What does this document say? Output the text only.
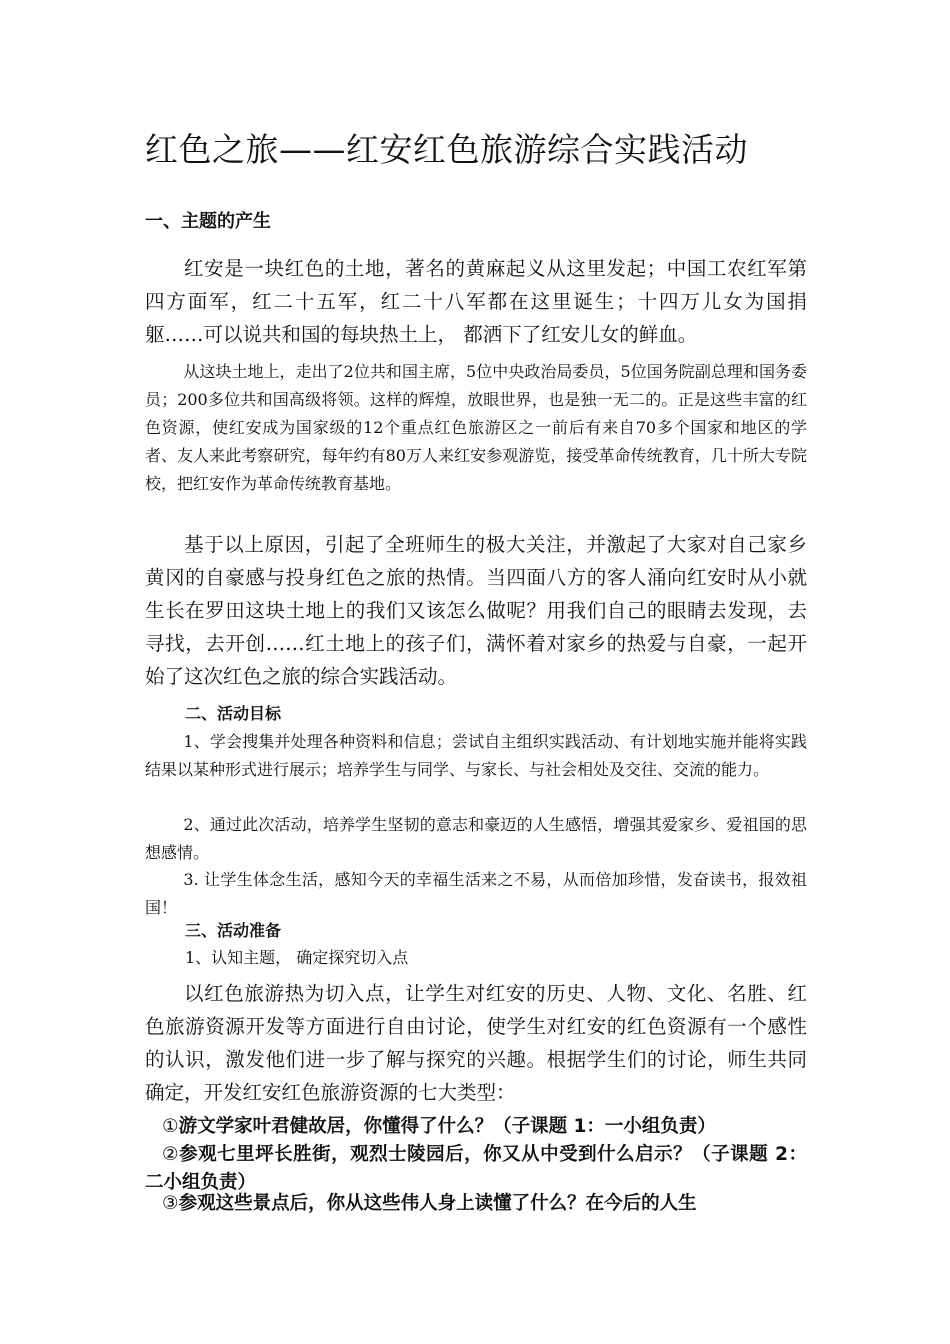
红色之旅——红安红色旅游综合实践活动
一、主题的产生

红安是一块红色的土地，著名的黄麻起义从这里发起；中国工农红军第四方面军，红二十五军，红二十八军都在这里诞生；十四万儿女为国捐躯……可以说共和国的每块热土上， 都洒下了红安儿女的鲜血。

从这块土地上，走出了2位共和国主席，5位中央政治局委员，5位国务院副总理和国务委员；200多位共和国高级将领。这样的辉煌，放眼世界，也是独一无二的。正是这些丰富的红色资源，使红安成为国家级的12个重点红色旅游区之一前后有来自70多个国家和地区的学者、友人来此考察研究，每年约有80万人来红安参观游览，接受革命传统教育，几十所大专院校，把红安作为革命传统教育基地。

基于以上原因，引起了全班师生的极大关注，并激起了大家对自己家乡黄冈的自豪感与投身红色之旅的热情。当四面八方的客人涌向红安时从小就生长在罗田这块土地上的我们又该怎么做呢？用我们自己的眼睛去发现，去寻找，去开创……红土地上的孩子们，满怀着对家乡的热爱与自豪，一起开始了这次红色之旅的综合实践活动。

二、活动目标

1、学会搜集并处理各种资料和信息；尝试自主组织实践活动、有计划地实施并能将实践结果以某种形式进行展示；培养学生与同学、与家长、与社会相处及交往、交流的能力。

2、通过此次活动，培养学生坚韧的意志和豪迈的人生感悟，增强其爱家乡、爱祖国的思想感情。

3. 让学生体念生活，感知今天的幸福生活来之不易，从而倍加珍惜，发奋读书，报效祖国！

三、活动准备
1、认知主题， 确定探究切入点

以红色旅游热为切入点，让学生对红安的历史、人物、文化、名胜、红色旅游资源开发等方面进行自由讨论，使学生对红安的红色资源有一个感性的认识，激发他们进一步了解与探究的兴趣。根据学生们的讨论，师生共同确定，开发红安红色旅游资源的七大类型：

①游文学家叶君健故居，你懂得了什么？（子课题 1：一小组负责）

②参观七里坪长胜街，观烈士陵园后，你又从中受到什么启示？（子课题 2：二小组负责）

③参观这些景点后，你从这些伟人身上读懂了什么？在今后的人生
